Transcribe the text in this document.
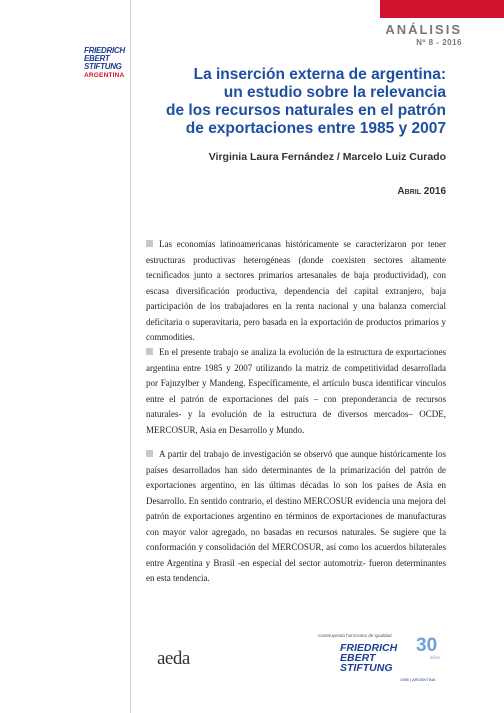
ANÁLISIS
Nº 8 - 2016
FRIEDRICH
EBERT
STIFTUNG
ARGENTINA	La inserción externa de argentina:
un estudio sobre la relevancia
de los recursos naturales en el patrón
de exportaciones entre 1985 y 2007
Virginia Laura Fernández / Marcelo Luiz Curado
Abril 2016
Las economías latinoamericanas históricamente se caracterizaron por tener estructuras productivas heterogéneas (donde coexisten sectores altamente tecnificados junto a sectores primarios artesanales de baja productividad), con escasa diversificación productiva, dependencia del capital extranjero, baja participación de los trabajadores en la renta nacional y una balanza comercial deficitaria o superavitaria, pero basada en la exportación de productos primarios y commodities.
En el presente trabajo se analiza la evolución de la estructura de exportaciones argentina entre 1985 y 2007 utilizando la matriz de competitividad desarrollada por Fajnzylber y Mandeng. Específicamente, el artículo busca identificar vínculos entre el patrón de exportaciones del país – con preponderancia de recursos naturales- y la evolución de la estructura de diversos mercados– OCDE, MERCOSUR, Asia en Desarrollo y Mundo.
A partir del trabajo de investigación se observó que aunque históricamente los países desarrollados han sido determinantes de la primarización del patrón de exportaciones argentino, en las últimas décadas lo son los países de Asia en Desarrollo. En sentido contrario, el destino MERCOSUR evidencia una mejora del patrón de exportaciones argentino en términos de exportaciones de manufacturas con mayor valor agregado, no basadas en recursos naturales. Se sugiere que la conformación y consolidación del MERCOSUR, así como los acuerdos bilaterales entre Argentina y Brasil -en especial del sector automotriz- fueron determinantes en esta tendencia.
aeda
construyendo horizontes de igualdad
FRIEDRICH
EBERT
STIFTUNG
30
años
1985 | ARGENTINA
